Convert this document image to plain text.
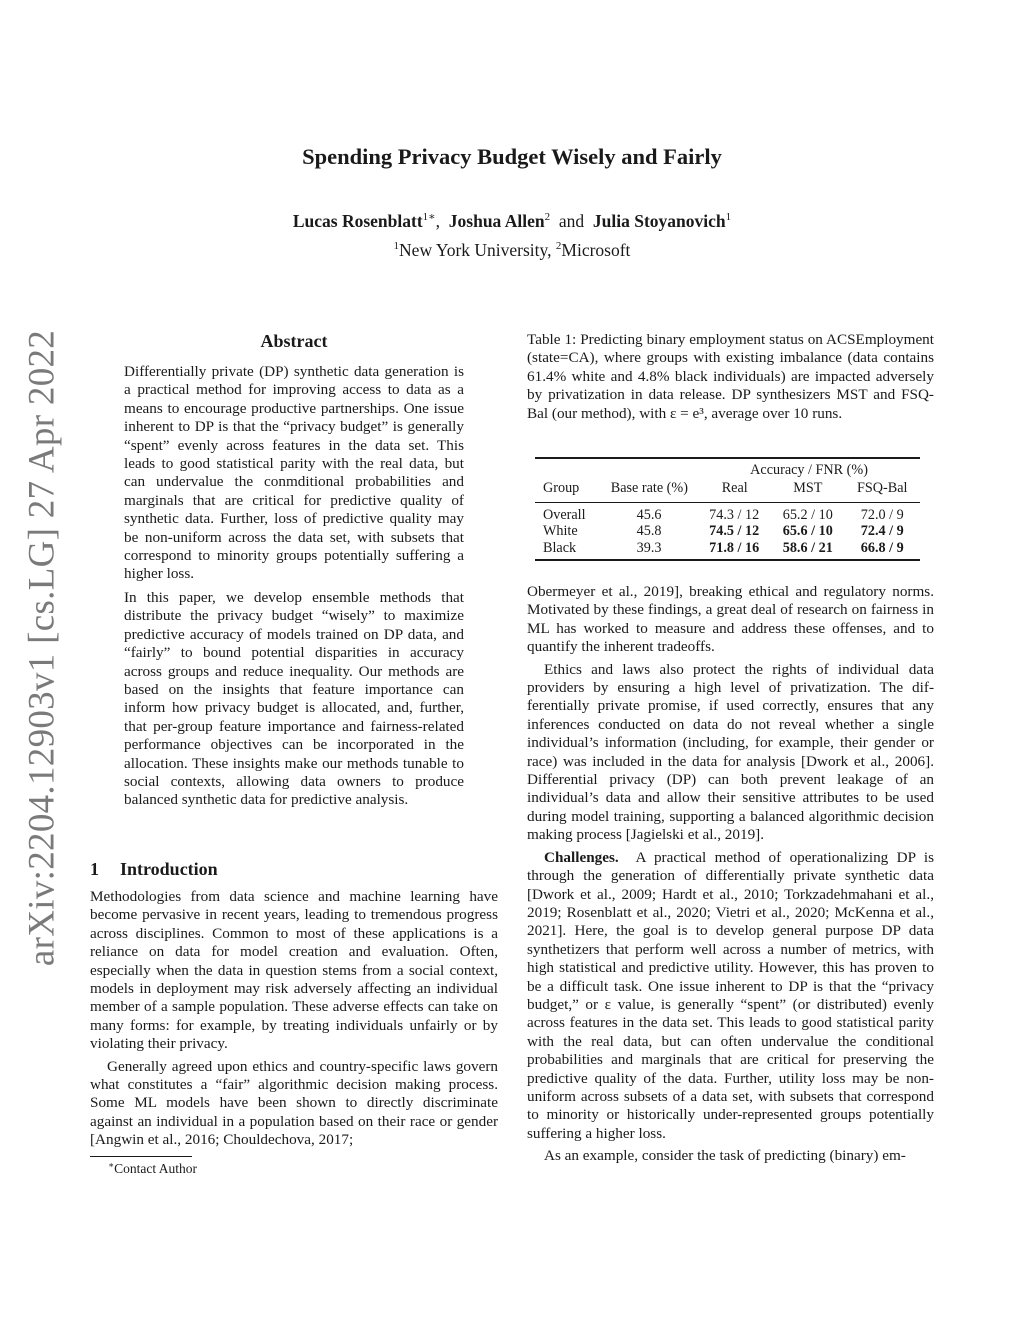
arXiv:2204.12903v1 [cs.LG] 27 Apr 2022
Spending Privacy Budget Wisely and Fairly
Lucas Rosenblatt$^{1∗}$, Joshua Allen$^2$ and Julia Stoyanovich$^1$
$^1$New York University, $^2$Microsoft
Abstract

Differentially private (DP) synthetic data generation is a practical method for improving access to data as a means to encourage productive partnerships. One issue inherent to DP is that the “privacy budget” is generally “spent” evenly across features in the data set. This leads to good statistical parity with the real data, but can undervalue the conmditional probabilities and marginals that are critical for predictive quality of synthetic data. Further, loss of predictive quality may be non-uniform across the data set, with subsets that correspond to minority groups potentially suffering a higher loss.

In this paper, we develop ensemble methods that distribute the privacy budget “wisely” to maximize predictive accuracy of models trained on DP data, and “fairly” to bound potential disparities in accuracy across groups and reduce inequality. Our methods are based on the insights that feature importance can inform how privacy budget is allocated, and, further, that per-group feature importance and fairness-related performance objectives can be incorporated in the allocation. These insights make our methods tunable to social contexts, allowing data owners to produce balanced synthetic data for predictive analysis.

1 Introduction

Methodologies from data science and machine learning have become pervasive in recent years, leading to tremendous progress across disciplines. Common to most of these applications is a reliance on data for model creation and evaluation. Often, especially when the data in question stems from a social context, models in deployment may risk adversely affecting an individual member of a sample population. These adverse effects can take on many forms: for example, by treating individuals unfairly or by violating their privacy.

Generally agreed upon ethics and country-specific laws govern what constitutes a “fair” algorithmic decision making process. Some ML models have been shown to directly discriminate against an individual in a population based on their race or gender [Angwin et al., 2016; Chouldechova, 2017;

∗Contact Author
Table 1: Predicting binary employment status on ACSEmployment (state=CA), where groups with existing imbalance (data contains 61.4% white and 4.8% black individuals) are impacted adversely by privatization in data release. DP synthesizers MST and FSQ-Bal (our method), with ε = e³, average over 10 runs.
		Accuracy / FNR (%)		
Group	Base rate (%)	Real	MST	FSQ-Bal
Overall	45.6	74.3 / 12	65.2 / 10	72.0 / 9
White	45.8	74.5 / 12	65.6 / 10	72.4 / 9
Black	39.3	71.8 / 16	58.6 / 21	66.8 / 9

Obermeyer et al., 2019], breaking ethical and regulatory norms. Motivated by these findings, a great deal of research on fairness in ML has worked to measure and address these offenses, and to quantify the inherent tradeoffs.

Ethics and laws also protect the rights of individual data providers by ensuring a high level of privatization. The differentially private promise, if used correctly, ensures that any inferences conducted on data do not reveal whether a single individual’s information (including, for example, their gender or race) was included in the data for analysis [Dwork et al., 2006]. Differential privacy (DP) can both prevent leakage of an individual’s data and allow their sensitive attributes to be used during model training, supporting a balanced algorithmic decision making process [Jagielski et al., 2019].

Challenges. A practical method of operationalizing DP is through the generation of differentially private synthetic data [Dwork et al., 2009; Hardt et al., 2010; Torkzadehmahani et al., 2019; Rosenblatt et al., 2020; Vietri et al., 2020; McKenna et al., 2021]. Here, the goal is to develop general purpose DP data synthetizers that perform well across a number of metrics, with high statistical and predictive utility. However, this has proven to be a difficult task. One issue inherent to DP is that the “privacy budget,” or ε value, is generally “spent” (or distributed) evenly across features in the data set. This leads to good statistical parity with the real data, but can often undervalue the conditional probabilities and marginals that are critical for preserving the predictive quality of the data. Further, utility loss may be non-uniform across subsets of a data set, with subsets that correspond to minority or historically under-represented groups potentially suffering a higher loss.

As an example, consider the task of predicting (binary) em-
